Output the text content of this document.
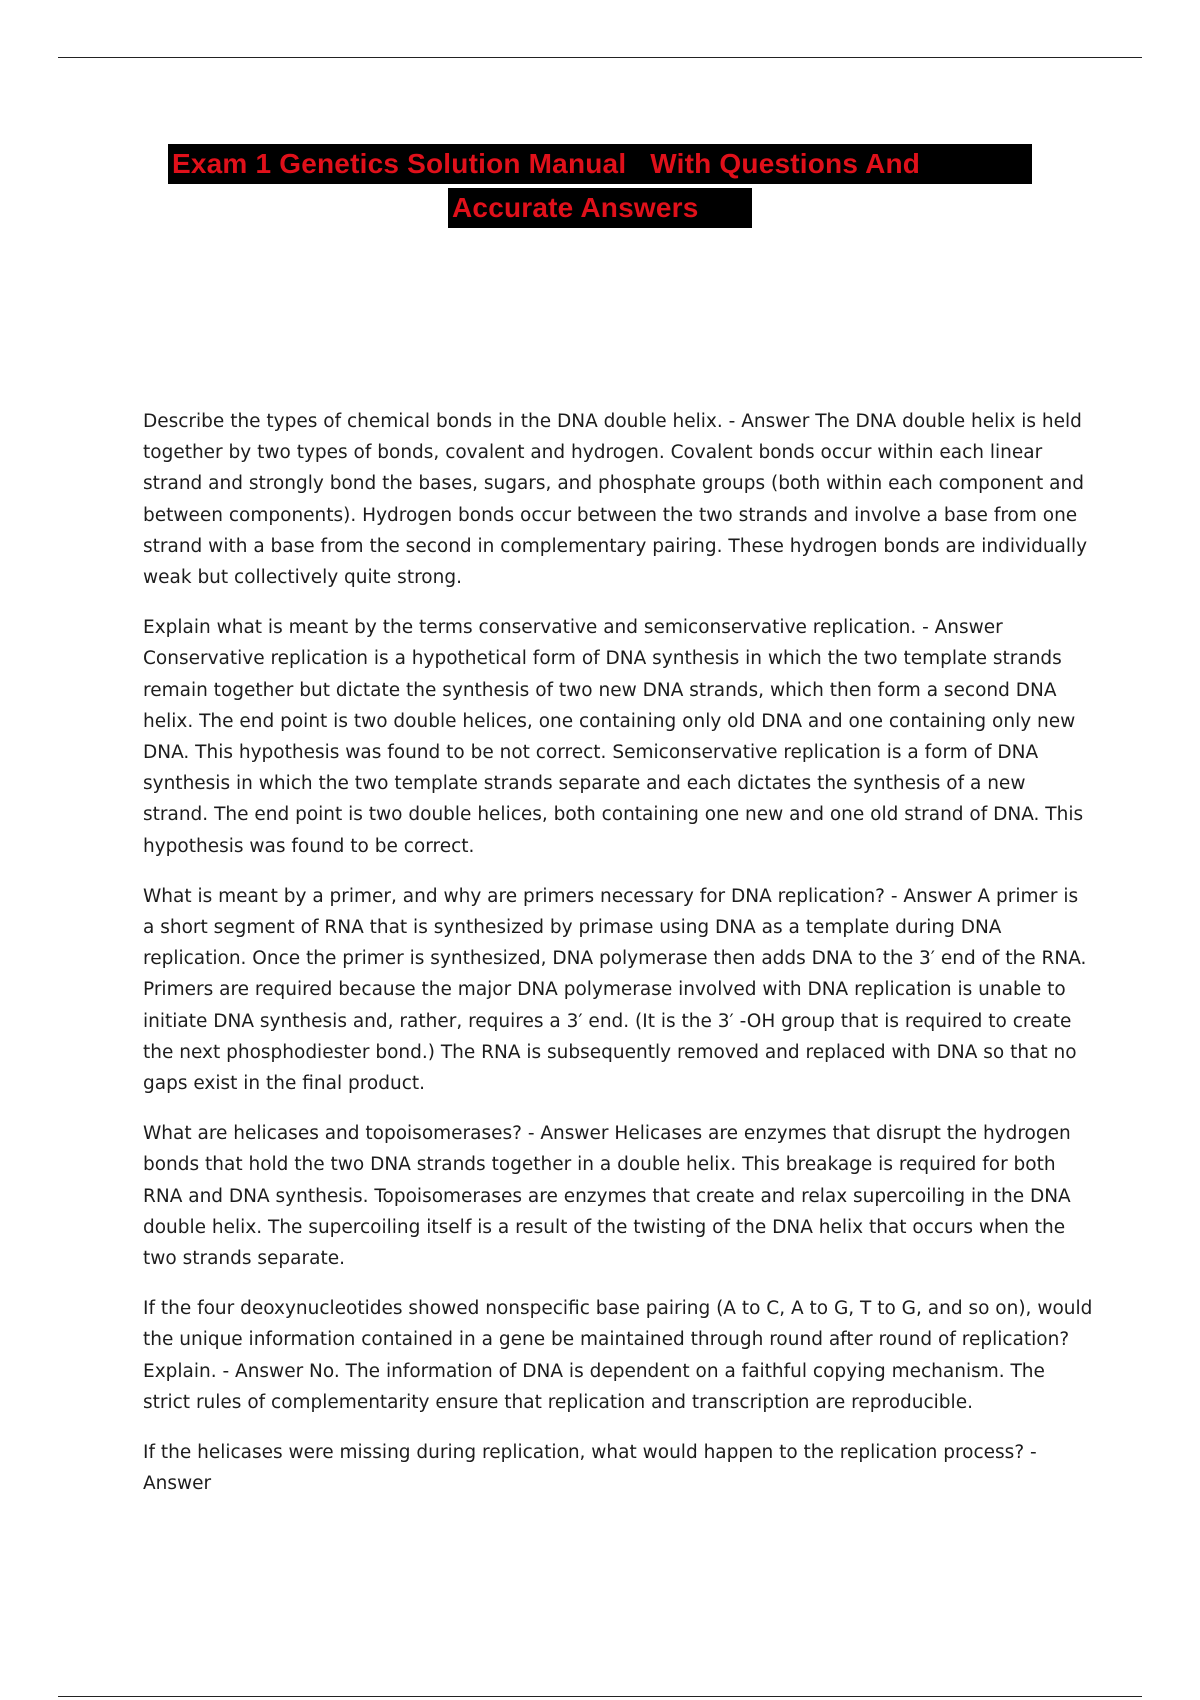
Exam 1 Genetics Solution Manual   With Questions And
Accurate Answers

Describe the types of chemical bonds in the DNA double helix. - Answer The DNA double helix is held together by two types of bonds, covalent and hydrogen. Covalent bonds occur within each linear strand and strongly bond the bases, sugars, and phosphate groups (both within each component and between components). Hydrogen bonds occur between the two strands and involve a base from one strand with a base from the second in complementary pairing. These hydrogen bonds are individually weak but collectively quite strong.

Explain what is meant by the terms conservative and semiconservative replication. - Answer Conservative replication is a hypothetical form of DNA synthesis in which the two template strands remain together but dictate the synthesis of two new DNA strands, which then form a second DNA helix. The end point is two double helices, one containing only old DNA and one containing only new DNA. This hypothesis was found to be not correct. Semiconservative replication is a form of DNA synthesis in which the two template strands separate and each dictates the synthesis of a new strand. The end point is two double helices, both containing one new and one old strand of DNA. This hypothesis was found to be correct.

What is meant by a primer, and why are primers necessary for DNA replication? - Answer A primer is a short segment of RNA that is synthesized by primase using DNA as a template during DNA replication. Once the primer is synthesized, DNA polymerase then adds DNA to the 3′ end of the RNA. Primers are required because the major DNA polymerase involved with DNA replication is unable to initiate DNA synthesis and, rather, requires a 3′ end. (It is the 3′ -OH group that is required to create the next phosphodiester bond.) The RNA is subsequently removed and replaced with DNA so that no gaps exist in the final product.

What are helicases and topoisomerases? - Answer Helicases are enzymes that disrupt the hydrogen bonds that hold the two DNA strands together in a double helix. This breakage is required for both RNA and DNA synthesis. Topoisomerases are enzymes that create and relax supercoiling in the DNA double helix. The supercoiling itself is a result of the twisting of the DNA helix that occurs when the two strands separate.

If the four deoxynucleotides showed nonspecific base pairing (A to C, A to G, T to G, and so on), would the unique information contained in a gene be maintained through round after round of replication? Explain. - Answer No. The information of DNA is dependent on a faithful copying mechanism. The strict rules of complementarity ensure that replication and transcription are reproducible.

If the helicases were missing during replication, what would happen to the replication process? - Answer
